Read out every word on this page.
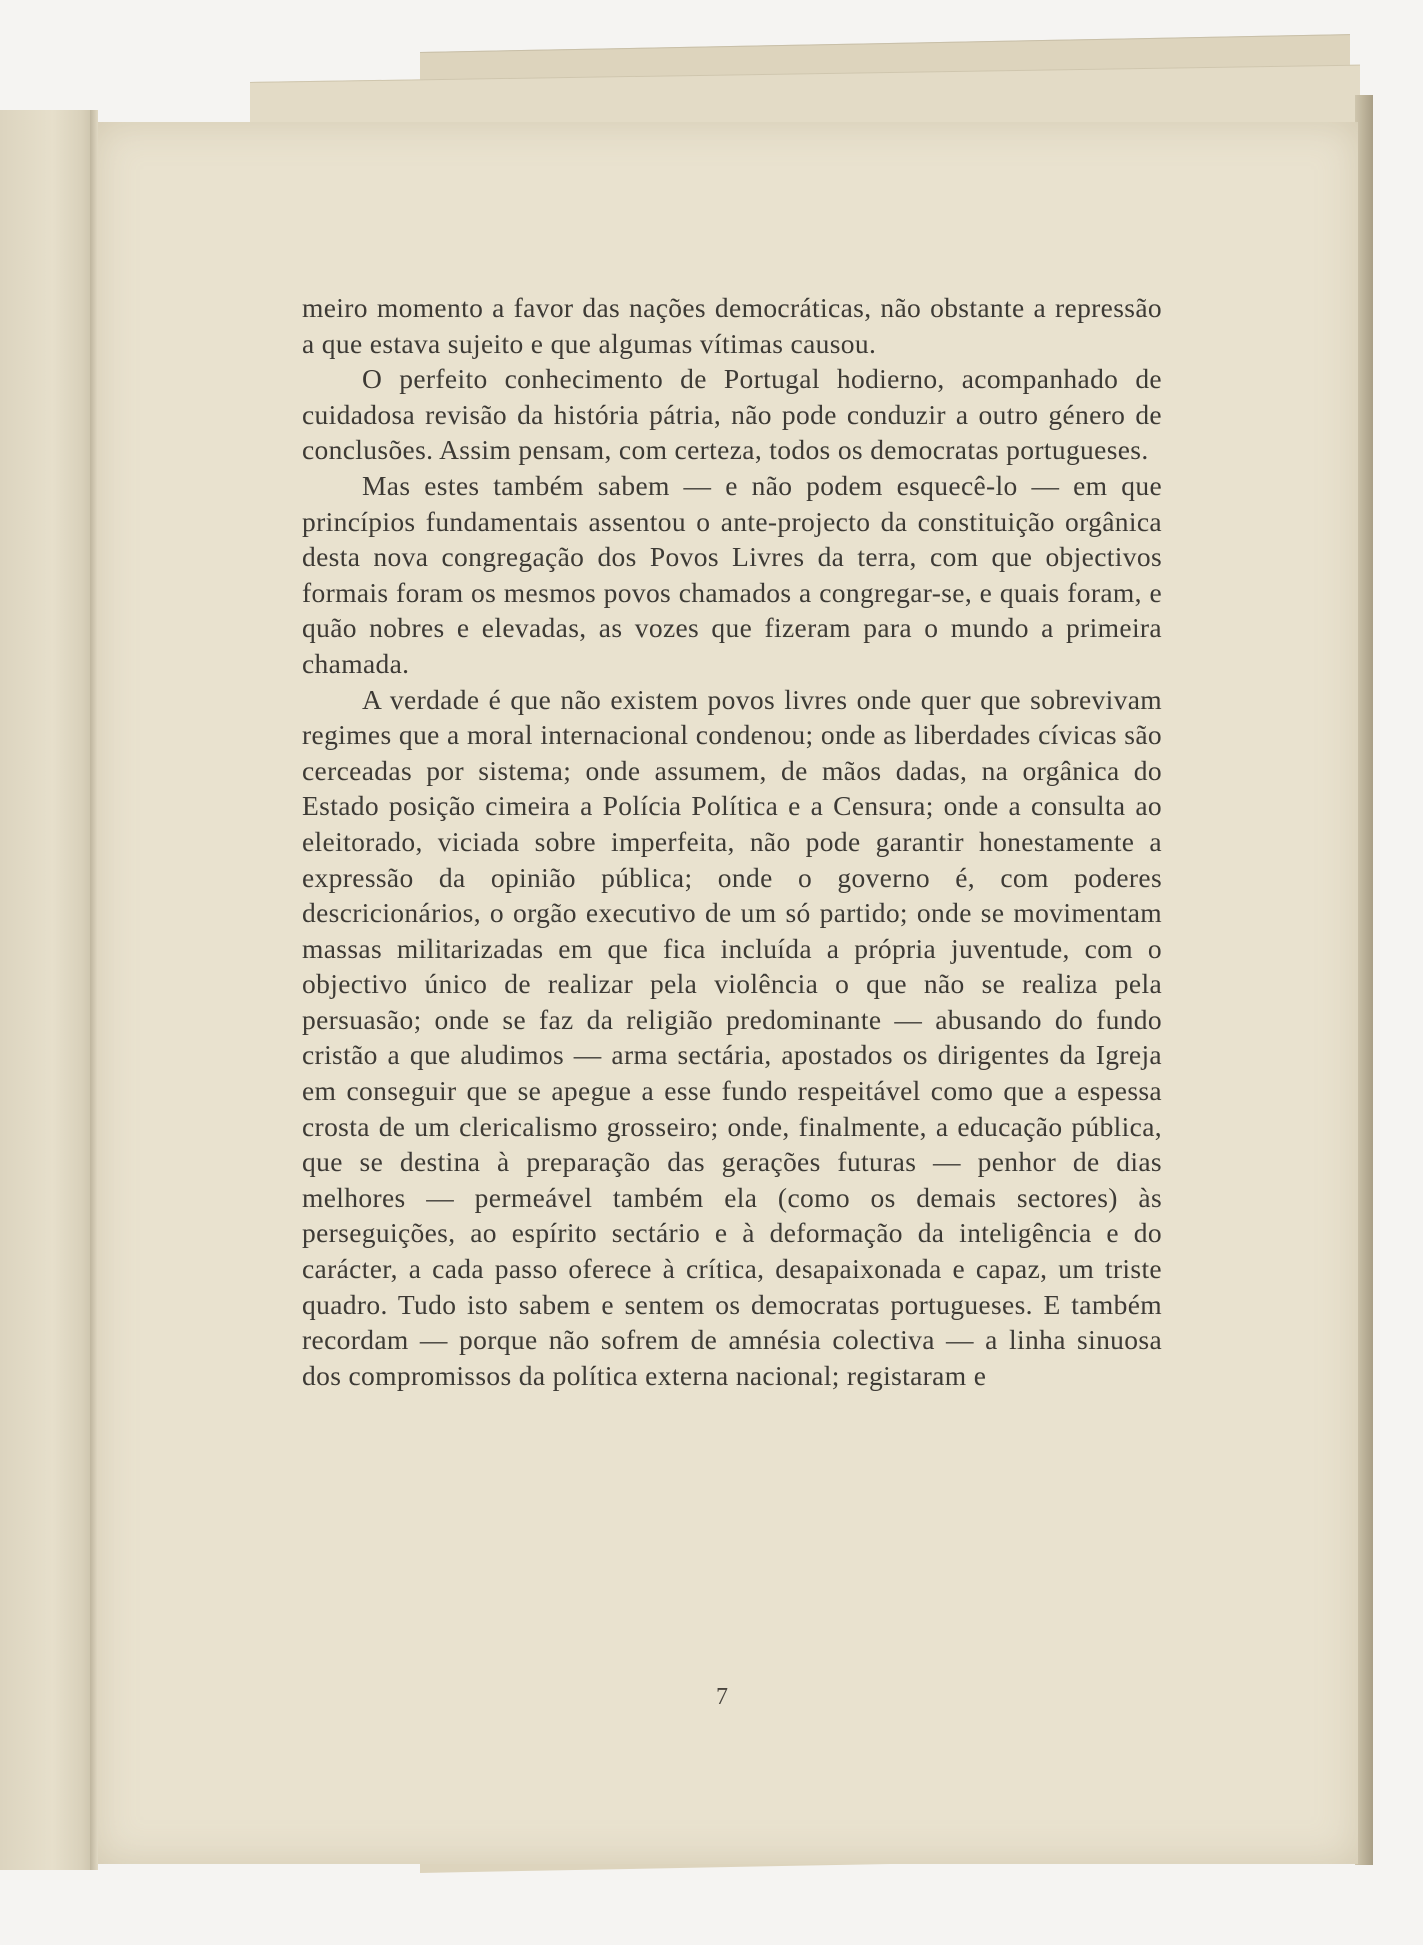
meiro momento a favor das nações democráticas, não obstante a repressão a que estava sujeito e que algumas vítimas causou.

O perfeito conhecimento de Portugal hodierno, acompanhado de cuidadosa revisão da história pátria, não pode conduzir a outro género de conclusões. Assim pensam, com certeza, todos os democratas portugueses.

Mas estes também sabem — e não podem esquecê-lo — em que princípios fundamentais assentou o ante-projecto da constituição orgânica desta nova congregação dos Povos Livres da terra, com que objectivos formais foram os mesmos povos chamados a congregar-se, e quais foram, e quão nobres e elevadas, as vozes que fizeram para o mundo a primeira chamada.

A verdade é que não existem povos livres onde quer que sobrevivam regimes que a moral internacional condenou; onde as liberdades cívicas são cerceadas por sistema; onde assumem, de mãos dadas, na orgânica do Estado posição cimeira a Polícia Política e a Censura; onde a consulta ao eleitorado, viciada sobre imperfeita, não pode garantir honestamente a expressão da opinião pública; onde o governo é, com poderes descricionários, o orgão executivo de um só partido; onde se movimentam massas militarizadas em que fica incluída a própria juventude, com o objectivo único de realizar pela violência o que não se realiza pela persuasão; onde se faz da religião predominante — abusando do fundo cristão a que aludimos — arma sectária, apostados os dirigentes da Igreja em conseguir que se apegue a esse fundo respeitável como que a espessa crosta de um clericalismo grosseiro; onde, finalmente, a educação pública, que se destina à preparação das gerações futuras — penhor de dias melhores — permeável também ela (como os demais sectores) às perseguições, ao espírito sectário e à deformação da inteligência e do carácter, a cada passo oferece à crítica, desapaixonada e capaz, um triste quadro. Tudo isto sabem e sentem os democratas portugueses. E também recordam — porque não sofrem de amnésia colectiva — a linha sinuosa dos compromissos da política externa nacional; registaram e

7
